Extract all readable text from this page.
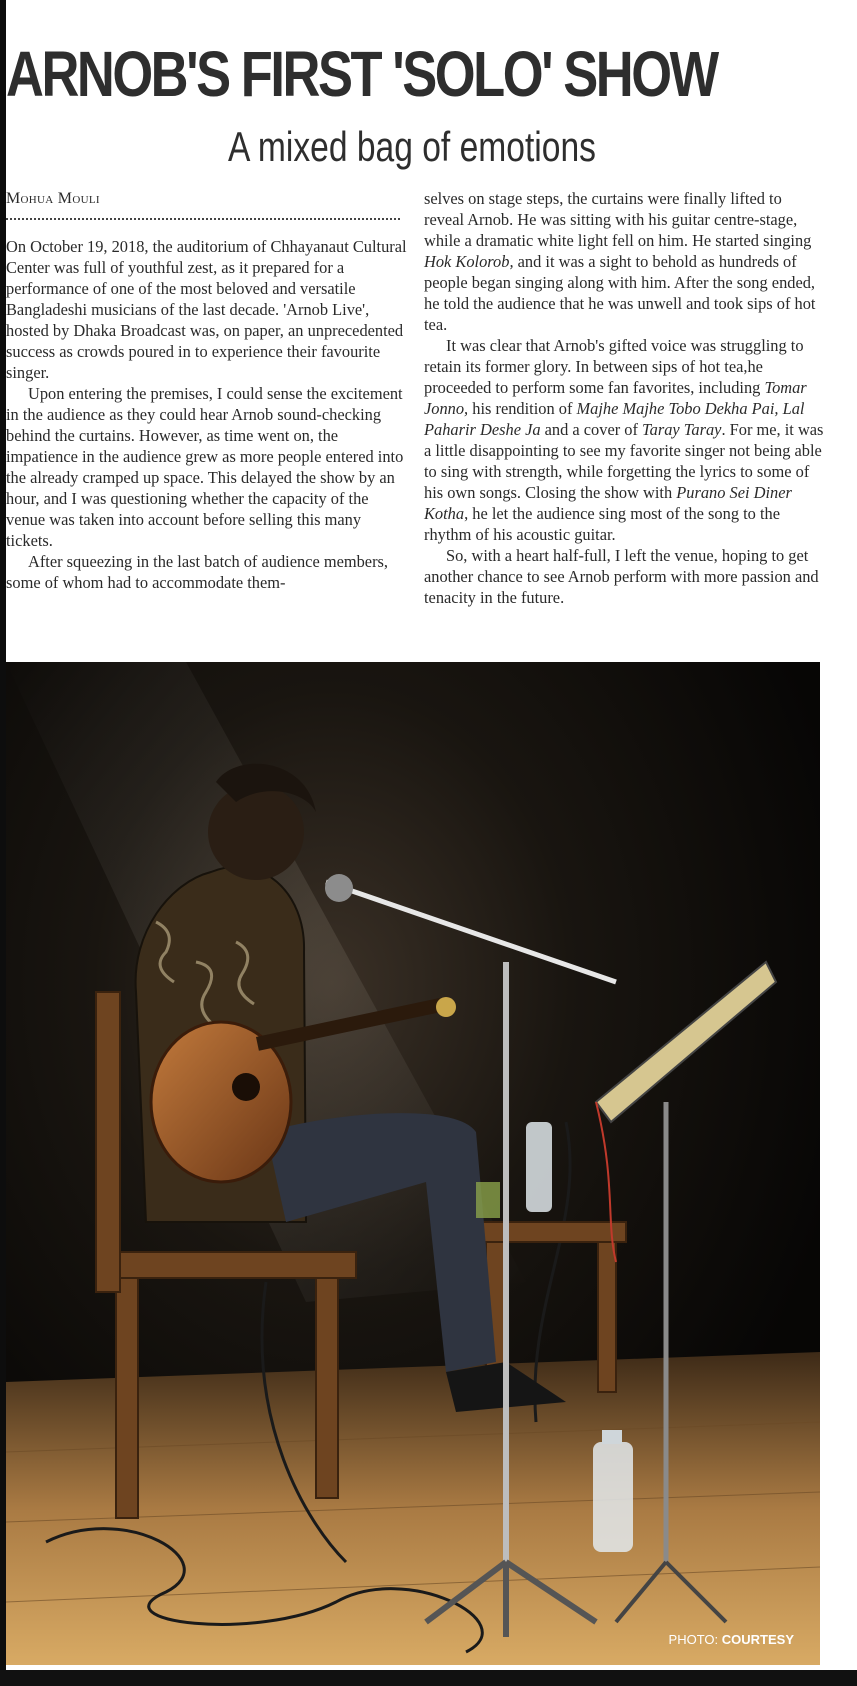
ARNOB'S FIRST 'SOLO' SHOW
A mixed bag of emotions
Mohua Mouli

On October 19, 2018, the auditorium of Chhayanaut Cultural Center was full of youthful zest, as it prepared for a performance of one of the most beloved and versatile Bangladeshi musicians of the last decade. 'Arnob Live', hosted by Dhaka Broadcast was, on paper, an unprecedented success as crowds poured in to experience their favourite singer.

Upon entering the premises, I could sense the excitement in the audience as they could hear Arnob sound-checking behind the curtains. However, as time went on, the impatience in the audience grew as more people entered into the already cramped up space. This delayed the show by an hour, and I was questioning whether the capacity of the venue was taken into account before selling this many tickets.

After squeezing in the last batch of audience members, some of whom had to accommodate them-

selves on stage steps, the curtains were finally lifted to reveal Arnob. He was sitting with his guitar centre-stage, while a dramatic white light fell on him. He started singing Hok Kolorob, and it was a sight to behold as hundreds of people began singing along with him. After the song ended, he told the audience that he was unwell and took sips of hot tea.

It was clear that Arnob's gifted voice was struggling to retain its former glory. In between sips of hot tea,he proceeded to perform some fan favorites, including Tomar Jonno, his rendition of Majhe Majhe Tobo Dekha Pai, Lal Paharir Deshe Ja and a cover of Taray Taray. For me, it was a little disappointing to see my favorite singer not being able to sing with strength, while forgetting the lyrics to some of his own songs. Closing the show with Purano Sei Diner Kotha, he let the audience sing most of the song to the rhythm of his acoustic guitar.

So, with a heart half-full, I left the venue, hoping to get another chance to see Arnob perform with more passion and tenacity in the future.

PHOTO: COURTESY
